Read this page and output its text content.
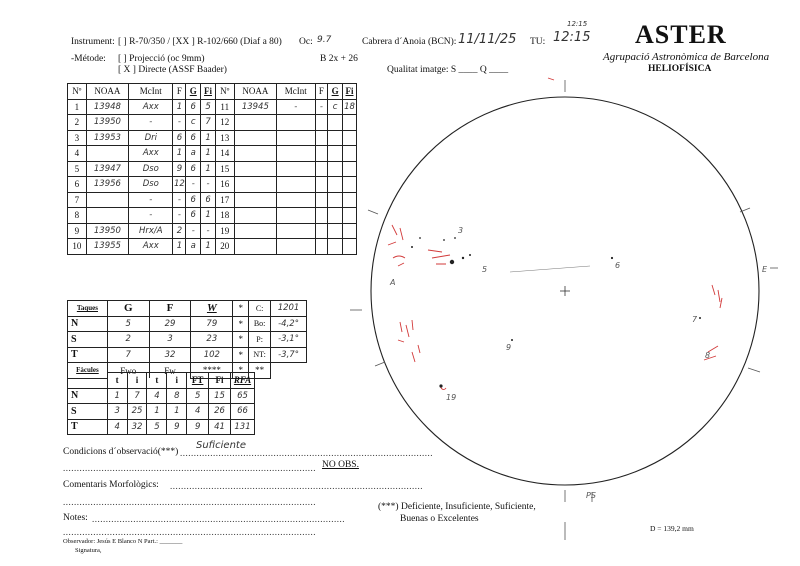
Instrument: [ ] R-70/350 / [XX ] R-102/660 (Diaf a 80) Oc: 9.7	Cabrera d´Anoia (BCN): 11/11/25 TU: 12:15
12:15
-Métode: [ ] Projecció (oc 9mm)
[ X ] Directe (ASSF Baader)
B 2x + 26
Qualitat imatge: S ____ Q ____
ASTER
Agrupació Astronòmica de Barcelona
HELIOFÍSICA
Nº	NOAA	McInt	F	G	Fi	Nº	NOAA	McInt	F	G	Fi
1	13948	Axx	1	6	5	11	13945	-	-	c	18
2	13950	-	-	c	7	12					
3	13953	Dri	6	6	1	13					
4		Axx	1	a	1	14					
5	13947	Dso	9	6	1	15					
6	13956	Dso	12	-	-	16					
7		-	-	6	6	17					
8		-	-	6	1	18					
9	13950	Hrx/A	2	-	-	19					
10	13955	Axx	1	a	1	20					
Taques	G	F	W	*	C:	1201
N	5	29	79	*	Bo:	-4,2°
S	2	3	23	*	P:	-3,1°
T	7	32	102	*	NT:	-3,7°
Fàcules	Fwo	Fw	****	*	**	
	t	i	t	i	FT	Fi	RFA
N	1	7	4	8	5	15	65
S	3	25	1	1	4	26	66
T	4	32	5	9	9	41	131
Condicions d´observació(***)
Suficiente
............................................................................................
............................................................................................
Comentaris Morfològics: ............................................................................................
............................................................................................
Notes: ............................................................................................
............................................................................................
Observador: Jesús E Blanco N Part.: _______
Signatura,
NO OBS.
(***) Deficiente, Insuficiente, Suficiente,
Buenas o Excelentes
D = 139,2 mm
A
3
5	6
7
8
9
19
E
PS
